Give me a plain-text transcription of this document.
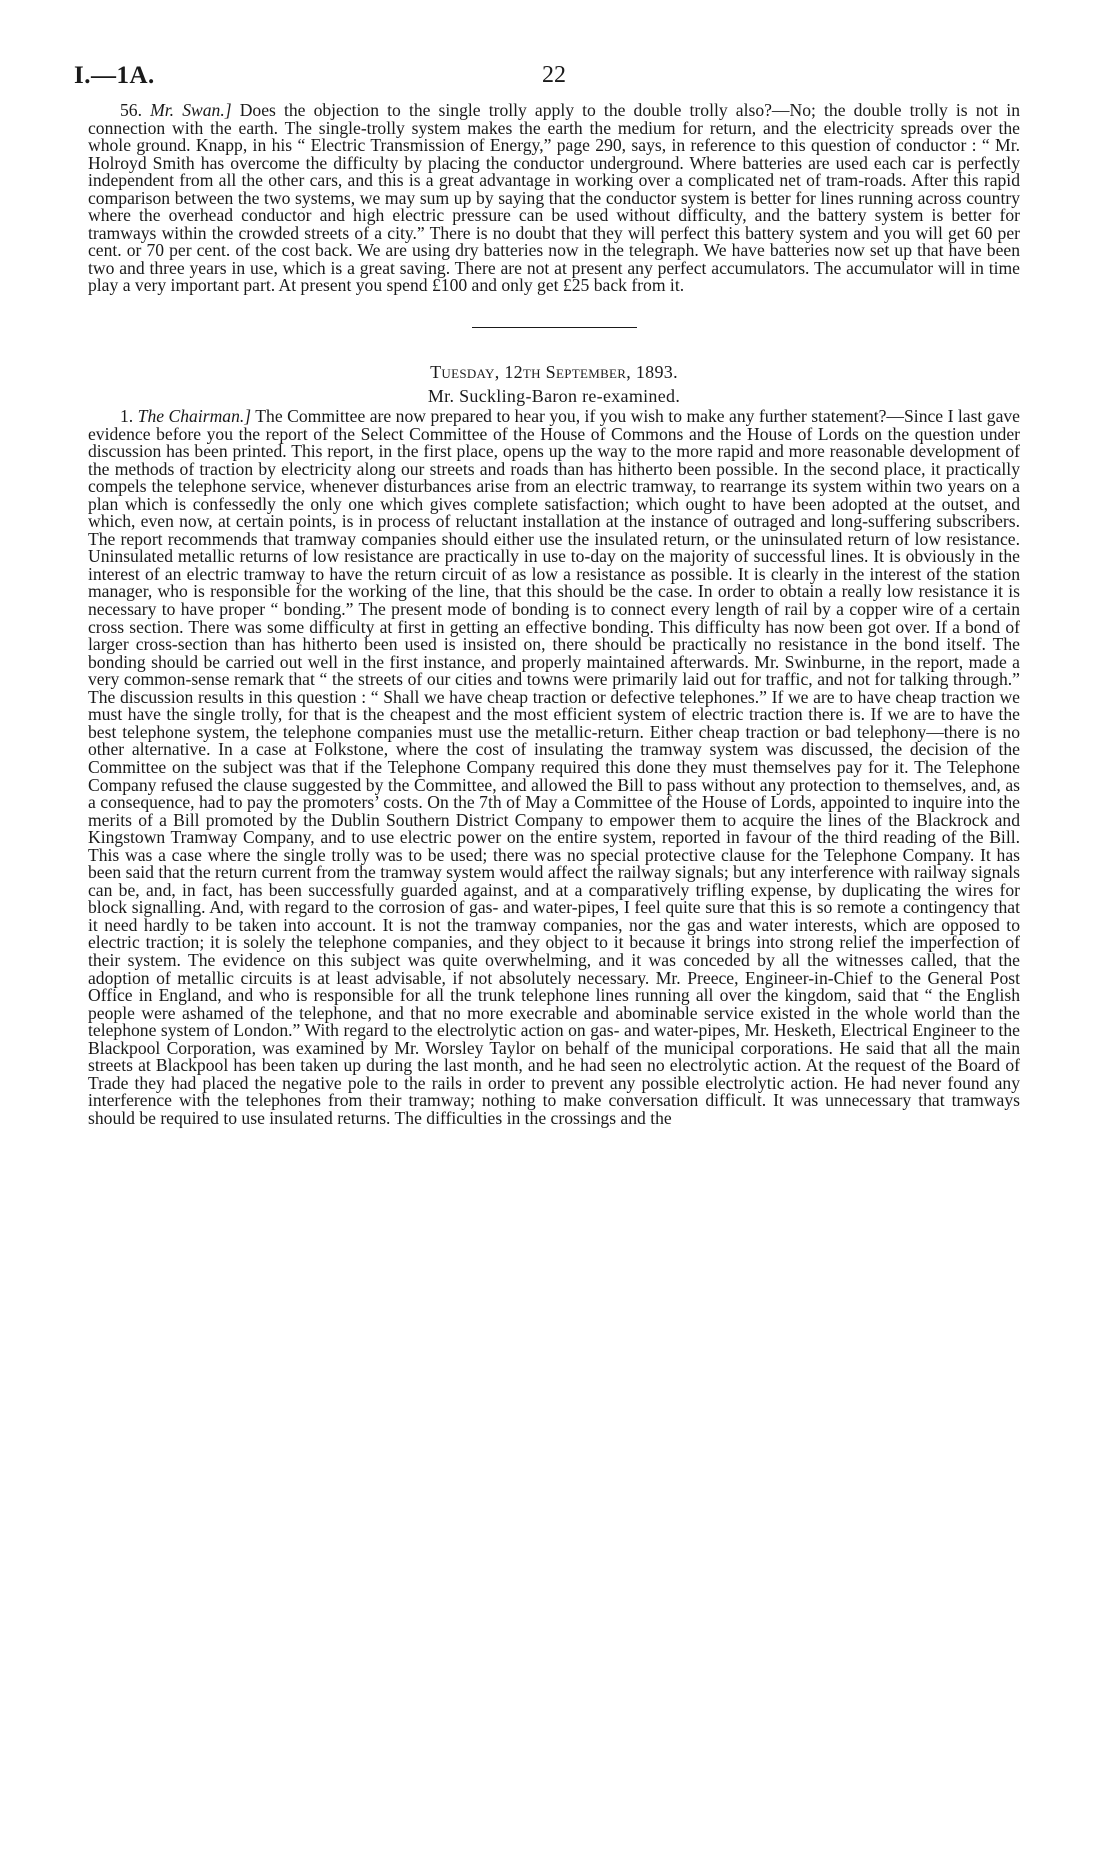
I.—1A.	22

56. Mr. Swan.] Does the objection to the single trolly apply to the double trolly also?—No; the double trolly is not in connection with the earth. The single-trolly system makes the earth the medium for return, and the electricity spreads over the whole ground. Knapp, in his “ Electric Transmission of Energy,” page 290, says, in reference to this question of conductor : “ Mr. Holroyd Smith has overcome the difficulty by placing the conductor underground. Where batteries are used each car is perfectly independent from all the other cars, and this is a great advantage in working over a complicated net of tram-roads. After this rapid comparison between the two systems, we may sum up by saying that the conductor system is better for lines running across country where the overhead conductor and high electric pressure can be used without difficulty, and the battery system is better for tramways within the crowded streets of a city.” There is no doubt that they will perfect this battery system and you will get 60 per cent. or 70 per cent. of the cost back. We are using dry batteries now in the telegraph. We have batteries now set up that have been two and three years in use, which is a great saving. There are not at present any perfect accumulators. The accumulator will in time play a very important part. At present you spend £100 and only get £25 back from it.

Tuesday, 12th September, 1893.
Mr. Suckling-Baron re-examined.

1. The Chairman.] The Committee are now prepared to hear you, if you wish to make any further statement?—Since I last gave evidence before you the report of the Select Committee of the House of Commons and the House of Lords on the question under discussion has been printed. This report, in the first place, opens up the way to the more rapid and more reasonable development of the methods of traction by electricity along our streets and roads than has hitherto been possible. In the second place, it practically compels the telephone service, whenever disturbances arise from an electric tramway, to rearrange its system within two years on a plan which is confessedly the only one which gives complete satisfaction; which ought to have been adopted at the outset, and which, even now, at certain points, is in process of reluctant installation at the instance of outraged and long-suffering subscribers. The report recommends that tramway companies should either use the insulated return, or the uninsulated return of low resistance. Uninsulated metallic returns of low resistance are practically in use to-day on the majority of successful lines. It is obviously in the interest of an electric tramway to have the return circuit of as low a resistance as possible. It is clearly in the interest of the station manager, who is responsible for the working of the line, that this should be the case. In order to obtain a really low resistance it is necessary to have proper “ bonding.” The present mode of bonding is to connect every length of rail by a copper wire of a certain cross section. There was some difficulty at first in getting an effective bonding. This difficulty has now been got over. If a bond of larger cross-section than has hitherto been used is insisted on, there should be practically no resistance in the bond itself. The bonding should be carried out well in the first instance, and properly maintained afterwards. Mr. Swinburne, in the report, made a very common-sense remark that “ the streets of our cities and towns were primarily laid out for traffic, and not for talking through.” The discussion results in this question : “ Shall we have cheap traction or defective telephones.” If we are to have cheap traction we must have the single trolly, for that is the cheapest and the most efficient system of electric traction there is. If we are to have the best telephone system, the telephone companies must use the metallic-return. Either cheap traction or bad telephony—there is no other alternative. In a case at Folkstone, where the cost of insulating the tramway system was discussed, the decision of the Committee on the subject was that if the Telephone Company required this done they must themselves pay for it. The Telephone Company refused the clause suggested by the Committee, and allowed the Bill to pass without any protection to themselves, and, as a consequence, had to pay the promoters’ costs. On the 7th of May a Committee of the House of Lords, appointed to inquire into the merits of a Bill promoted by the Dublin Southern District Company to empower them to acquire the lines of the Blackrock and Kingstown Tramway Company, and to use electric power on the entire system, reported in favour of the third reading of the Bill. This was a case where the single trolly was to be used; there was no special protective clause for the Telephone Company. It has been said that the return current from the tramway system would affect the railway signals; but any interference with railway signals can be, and, in fact, has been successfully guarded against, and at a comparatively trifling expense, by duplicating the wires for block signalling. And, with regard to the corrosion of gas- and water-pipes, I feel quite sure that this is so remote a contingency that it need hardly to be taken into account. It is not the tramway companies, nor the gas and water interests, which are opposed to electric traction; it is solely the telephone companies, and they object to it because it brings into strong relief the imperfection of their system. The evidence on this subject was quite overwhelming, and it was conceded by all the witnesses called, that the adoption of metallic circuits is at least advisable, if not absolutely necessary. Mr. Preece, Engineer-in-Chief to the General Post Office in England, and who is responsible for all the trunk telephone lines running all over the kingdom, said that “ the English people were ashamed of the telephone, and that no more execrable and abominable service existed in the whole world than the telephone system of London.” With regard to the electrolytic action on gas- and water-pipes, Mr. Hesketh, Electrical Engineer to the Blackpool Corporation, was examined by Mr. Worsley Taylor on behalf of the municipal corporations. He said that all the main streets at Blackpool has been taken up during the last month, and he had seen no electrolytic action. At the request of the Board of Trade they had placed the negative pole to the rails in order to prevent any possible electrolytic action. He had never found any interference with the telephones from their tramway; nothing to make conversation difficult. It was unnecessary that tramways should be required to use insulated returns. The difficulties in the crossings and the
